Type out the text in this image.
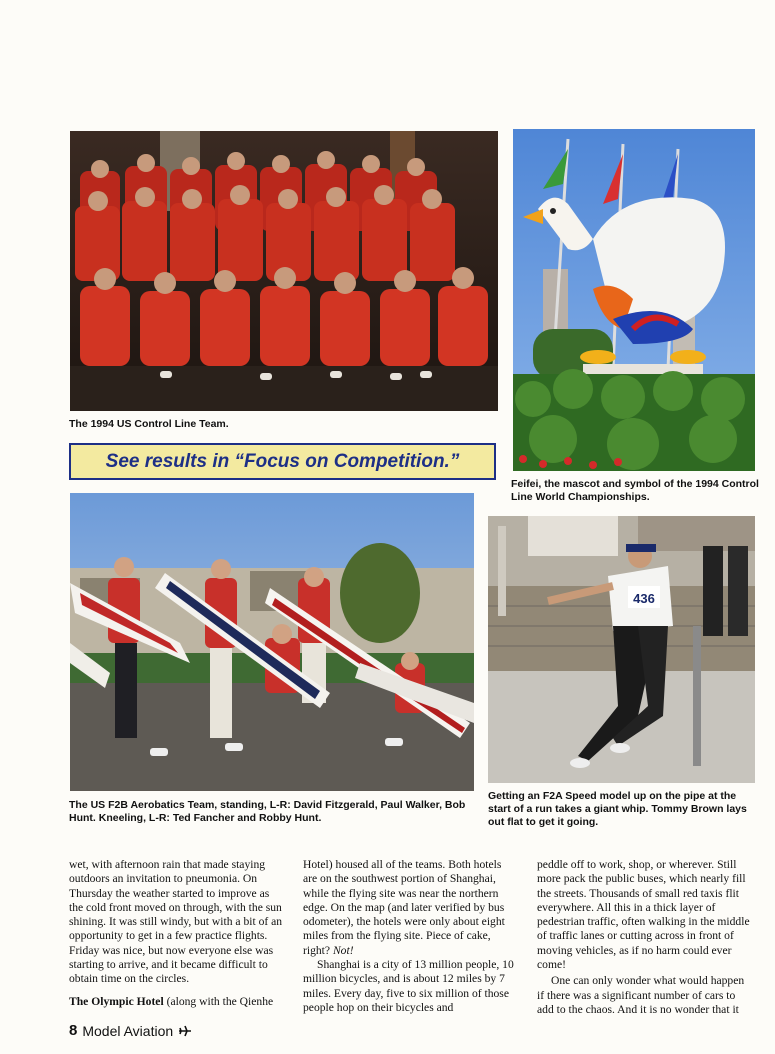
The 1994 US Control Line Team.

Feifei, the mascot and symbol of the 1994 Control Line World Championships.

See results in “Focus on Competition.”

The US F2B Aerobatics Team, standing, L-R: David Fitzgerald, Paul Walker, Bob Hunt. Kneeling, L-R: Ted Fancher and Robby Hunt.

436

Getting an F2A Speed model up on the pipe at the start of a run takes a giant whip. Tommy Brown lays out flat to get it going.

wet, with afternoon rain that made staying outdoors an invitation to pneumonia. On Thursday the weather started to improve as the cold front moved on through, with the sun shining. It was still windy, but with a bit of an opportunity to get in a few practice flights. Friday was nice, but now everyone else was starting to arrive, and it became difficult to obtain time on the circles.

The Olympic Hotel (along with the Qienhe

Hotel) housed all of the teams. Both hotels are on the southwest portion of Shanghai, while the flying site was near the northern edge. On the map (and later verified by bus odometer), the hotels were only about eight miles from the flying site. Piece of cake, right? Not!

Shanghai is a city of 13 million people, 10 million bicycles, and is about 12 miles by 7 miles. Every day, five to six million of those people hop on their bicycles and

peddle off to work, shop, or wherever. Still more pack the public buses, which nearly fill the streets. Thousands of small red taxis flit everywhere. All this in a thick layer of pedestrian traffic, often walking in the middle of traffic lanes or cutting across in front of moving vehicles, as if no harm could ever come!

One can only wonder what would happen if there was a significant number of cars to add to the chaos. And it is no wonder that it

8 Model Aviation
